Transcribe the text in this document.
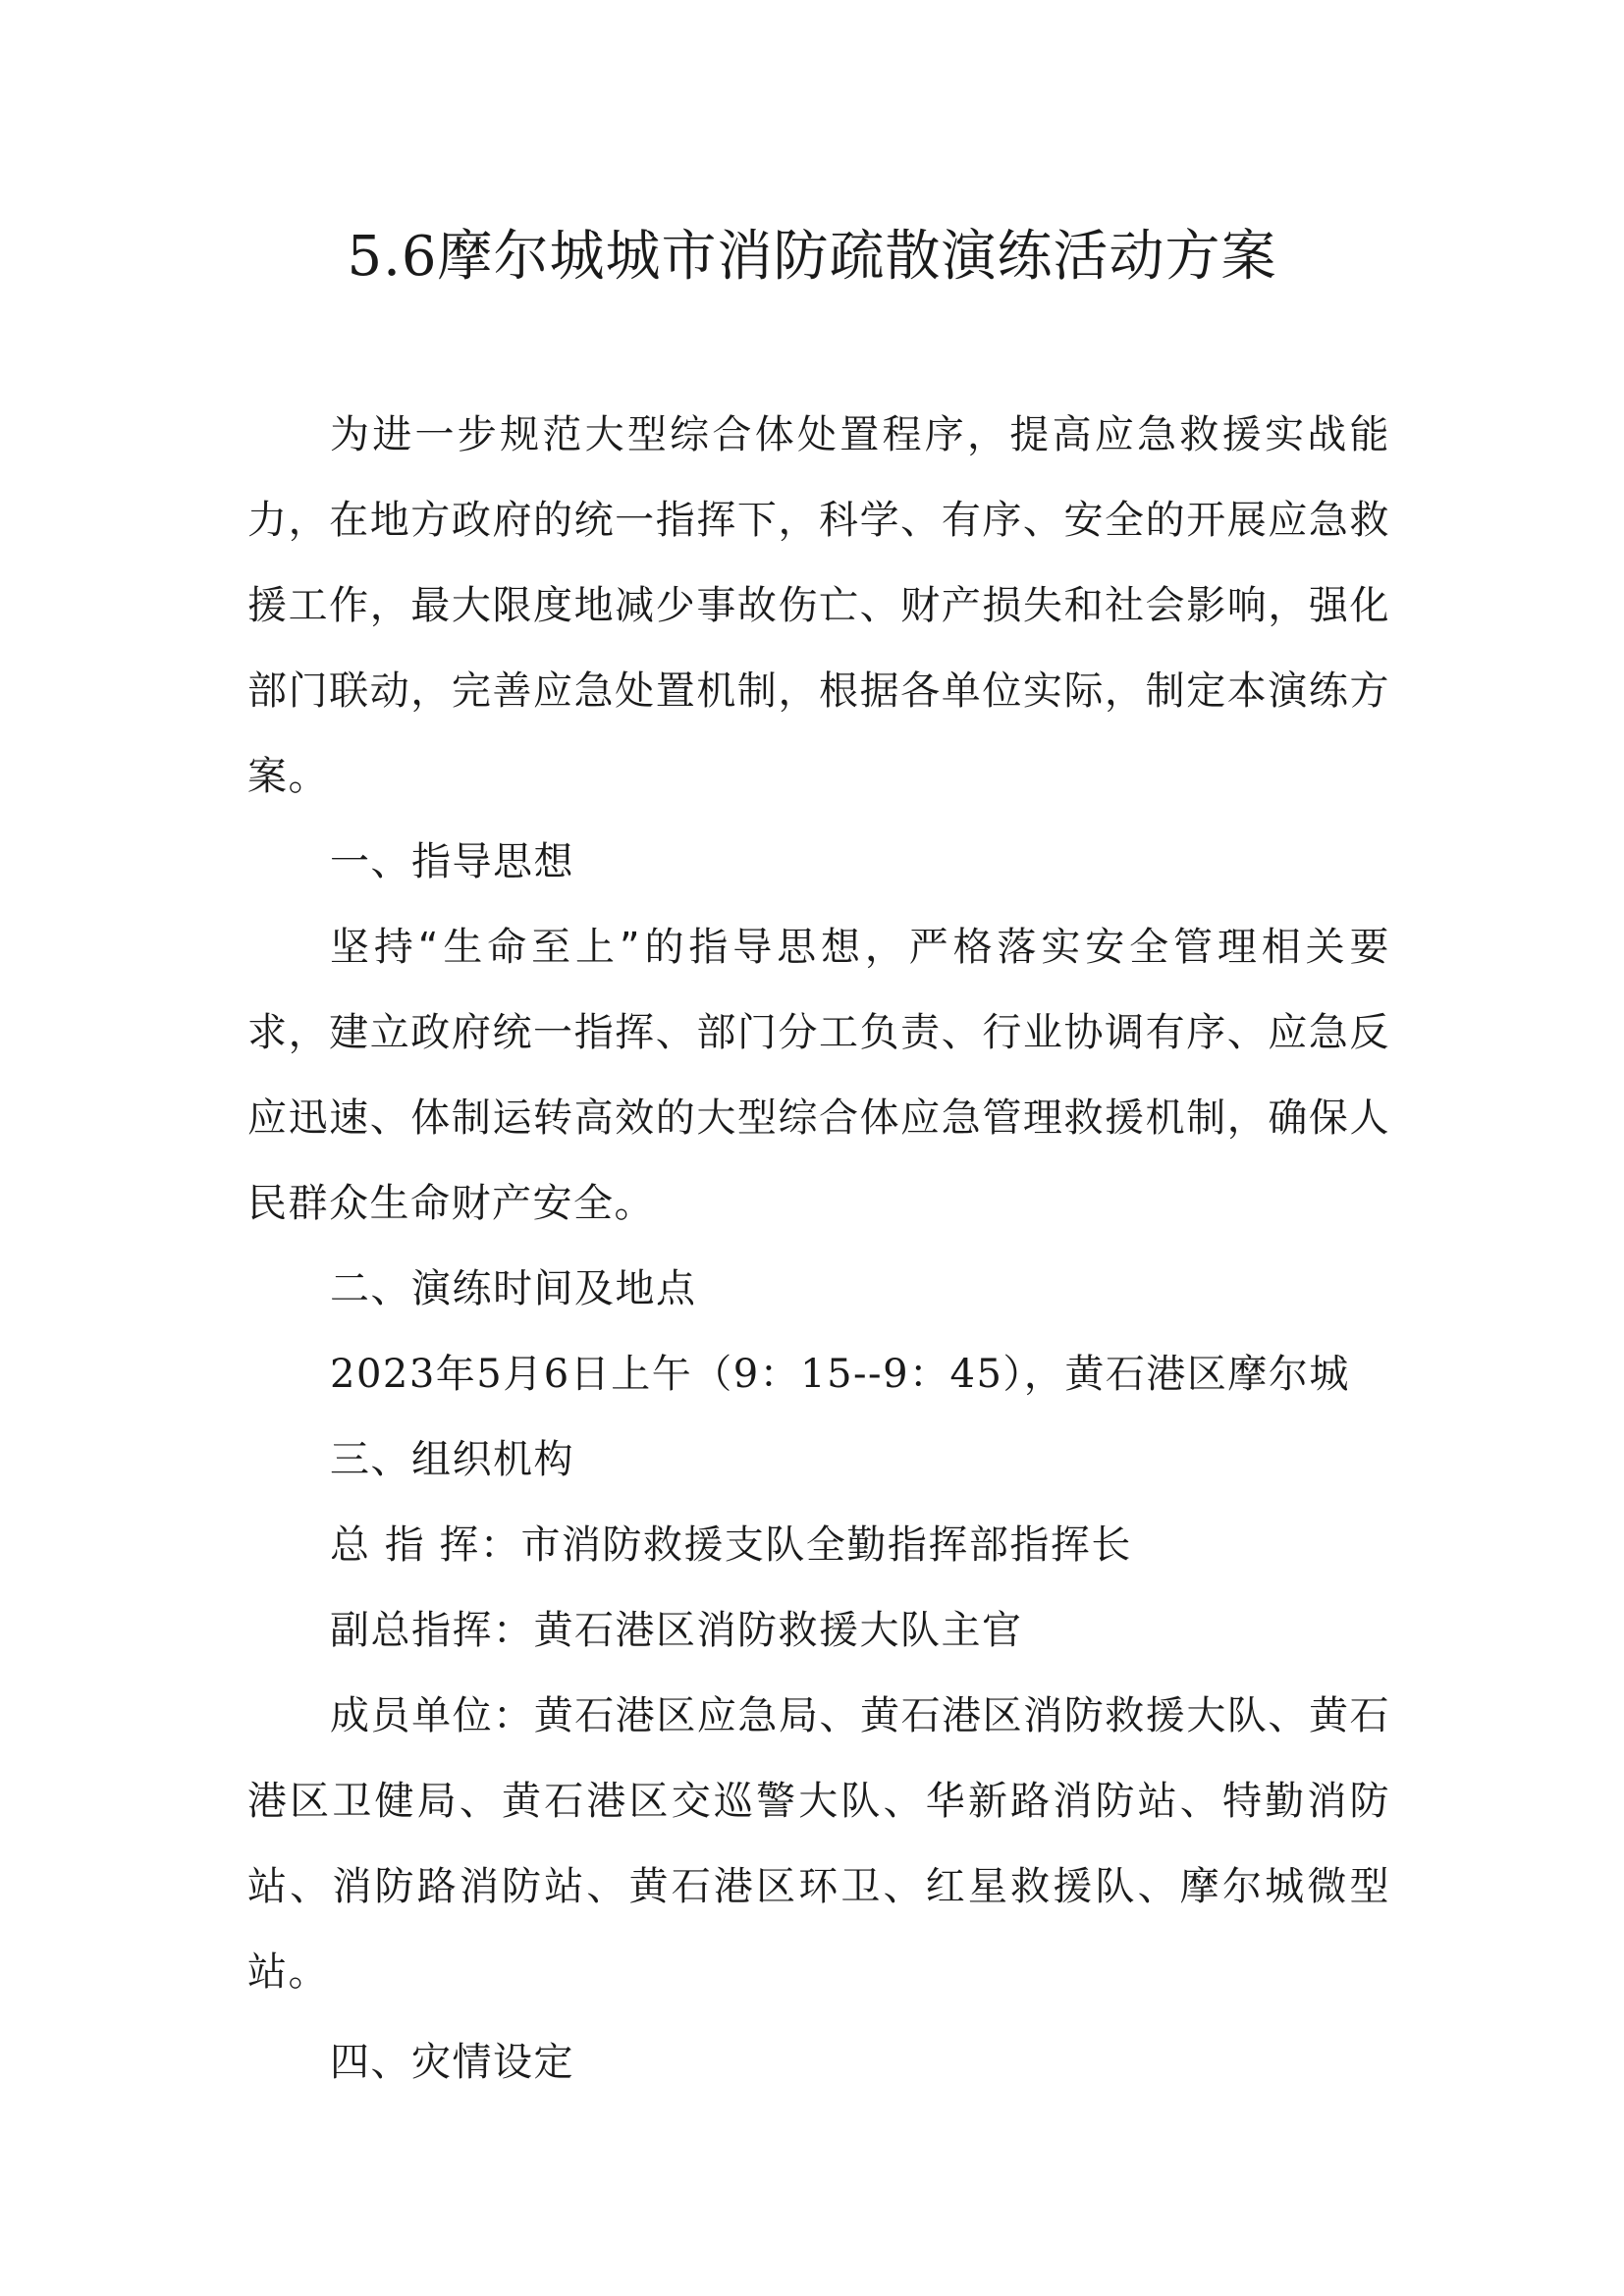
5.6摩尔城城市消防疏散演练活动方案

为进一步规范大型综合体处置程序，提高应急救援实战能力，在地方政府的统一指挥下，科学、有序、安全的开展应急救援工作，最大限度地减少事故伤亡、财产损失和社会影响，强化部门联动，完善应急处置机制，根据各单位实际，制定本演练方案。

一、指导思想

坚持“生命至上”的指导思想，严格落实安全管理相关要求，建立政府统一指挥、部门分工负责、行业协调有序、应急反应迅速、体制运转高效的大型综合体应急管理救援机制，确保人民群众生命财产安全。

二、演练时间及地点

2023年5月6日上午（9：15--9：45），黄石港区摩尔城

三、组织机构

总 指 挥：市消防救援支队全勤指挥部指挥长

副总指挥：黄石港区消防救援大队主官

成员单位：黄石港区应急局、黄石港区消防救援大队、黄石港区卫健局、黄石港区交巡警大队、华新路消防站、特勤消防站、消防路消防站、黄石港区环卫、红星救援队、摩尔城微型站。

四、灾情设定
